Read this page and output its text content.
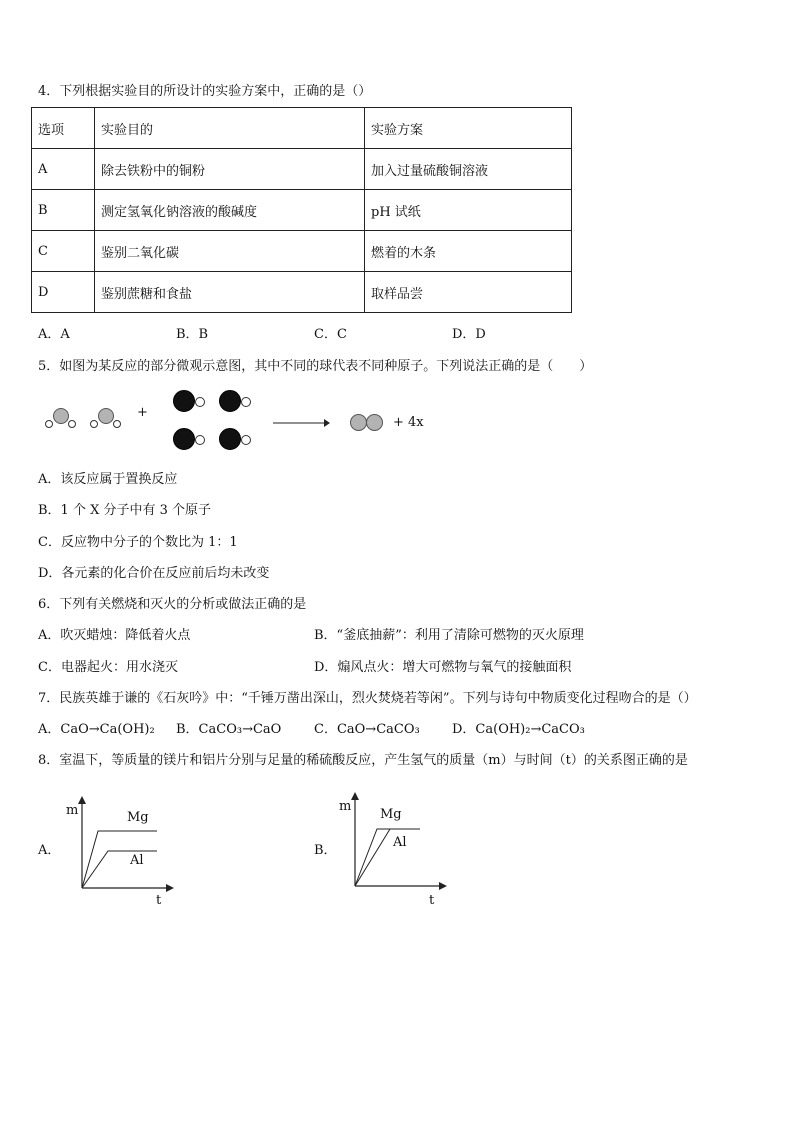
4．下列根据实验目的所设计的实验方案中，正确的是（）
选项	实验目的	实验方案
A	除去铁粉中的铜粉	加入过量硫酸铜溶液
B	测定氢氧化钠溶液的酸碱度	pH 试纸
C	鉴别二氧化碳	燃着的木条
D	鉴别蔗糖和食盐	取样品尝
A．A	B．B	C．C	D．D
5．如图为某反应的部分微观示意图，其中不同的球代表不同种原子。下列说法正确的是（　　）
+
+ 4x
A．该反应属于置换反应
B．1 个 X 分子中有 3 个原子
C．反应物中分子的个数比为 1：1
D．各元素的化合价在反应前后均未改变
6．下列有关燃烧和灭火的分析或做法正确的是
A．吹灭蜡烛：降低着火点	B．“釜底抽薪”：利用了清除可燃物的灭火原理
C．电器起火：用水浇灭	D．煽风点火：增大可燃物与氧气的接触面积
7．民族英雄于谦的《石灰吟》中：“千锤万凿出深山，烈火焚烧若等闲”。下列与诗句中物质变化过程吻合的是（）
A．CaO→Ca(OH)₂ B．CaCO₃→CaO	C．CaO→CaCO₃ D．Ca(OH)₂→CaCO₃
8．室温下，等质量的镁片和铝片分别与足量的稀硫酸反应，产生氢气的质量（m）与时间（t）的关系图正确的是
A．
m
t
Mg
Al
B．
m
t
Mg
Al
